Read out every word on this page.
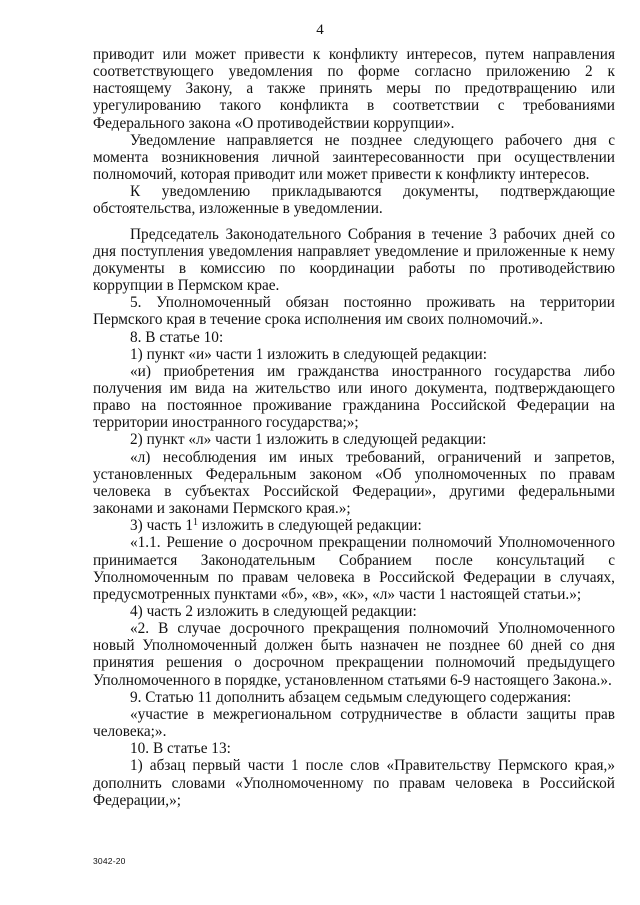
4

приводит или может привести к конфликту интересов, путем направления соответствующего уведомления по форме согласно приложению 2 к настоящему Закону, а также принять меры по предотвращению или урегулированию такого конфликта в соответствии с требованиями Федерального закона «О противодействии коррупции».

Уведомление направляется не позднее следующего рабочего дня с момента возникновения личной заинтересованности при осуществлении полномочий, которая приводит или может привести к конфликту интересов.

К уведомлению прикладываются документы, подтверждающие обстоятельства, изложенные в уведомлении.

Председатель Законодательного Собрания в течение 3 рабочих дней со дня поступления уведомления направляет уведомление и приложенные к нему документы в комиссию по координации работы по противодействию коррупции в Пермском крае.

5. Уполномоченный обязан постоянно проживать на территории Пермского края в течение срока исполнения им своих полномочий.».

8. В статье 10:

1) пункт «и» части 1 изложить в следующей редакции:

«и) приобретения им гражданства иностранного государства либо получения им вида на жительство или иного документа, подтверждающего право на постоянное проживание гражданина Российской Федерации на территории иностранного государства;»;

2) пункт «л» части 1 изложить в следующей редакции:

«л) несоблюдения им иных требований, ограничений и запретов, установленных Федеральным законом «Об уполномоченных по правам человека в субъектах Российской Федерации», другими федеральными законами и законами Пермского края.»;

3) часть $1^1$ изложить в следующей редакции:

«1.1. Решение о досрочном прекращении полномочий Уполномоченного принимается Законодательным Собранием после консультаций с Уполномоченным по правам человека в Российской Федерации в случаях, предусмотренных пунктами «б», «в», «к», «л» части 1 настоящей статьи.»;

4) часть 2 изложить в следующей редакции:

«2. В случае досрочного прекращения полномочий Уполномоченного новый Уполномоченный должен быть назначен не позднее 60 дней со дня принятия решения о досрочном прекращении полномочий предыдущего Уполномоченного в порядке, установленном статьями 6-9 настоящего Закона.».

9. Статью 11 дополнить абзацем седьмым следующего содержания:

«участие в межрегиональном сотрудничестве в области защиты прав человека;».

10. В статье 13:

1) абзац первый части 1 после слов «Правительству Пермского края,» дополнить словами «Уполномоченному по правам человека в Российской Федерации,»;

3042-20
